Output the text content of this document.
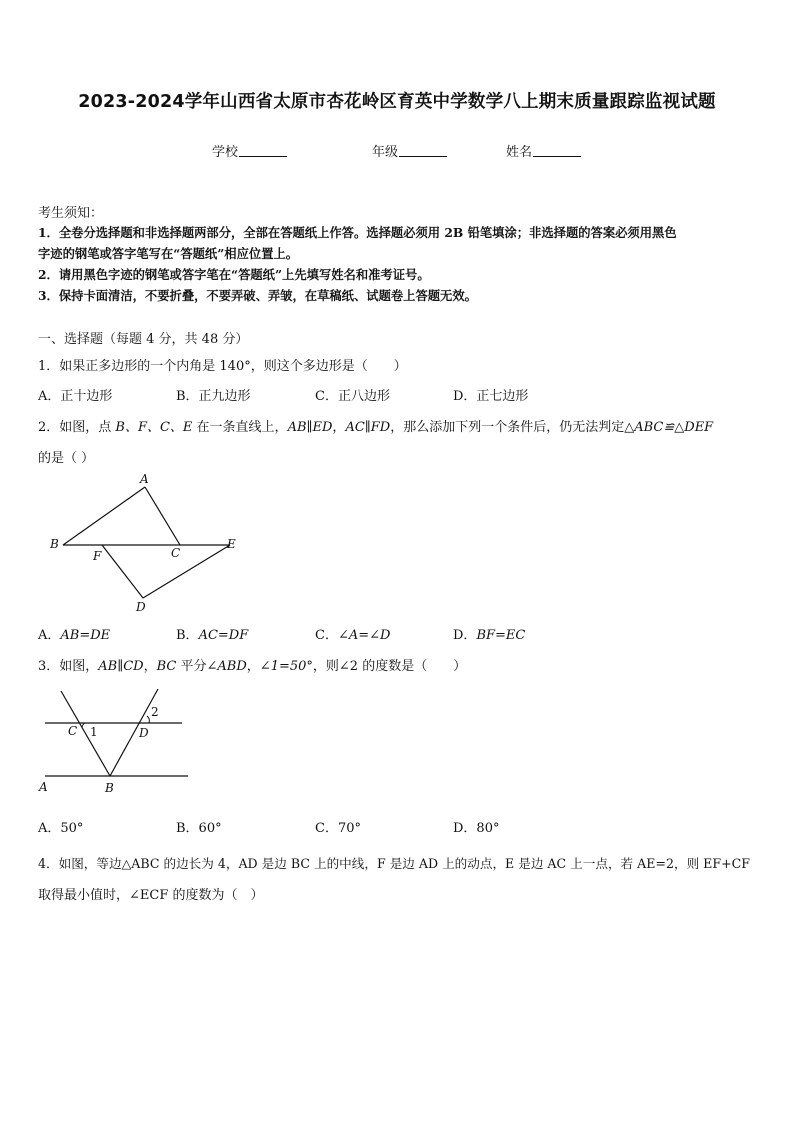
2023-2024学年山西省太原市杏花岭区育英中学数学八上期末质量跟踪监视试题
学校	年级	姓名
考生须知：
1．全卷分选择题和非选择题两部分，全部在答题纸上作答。选择题必须用 2B 铅笔填涂；非选择题的答案必须用黑色
字迹的钢笔或答字笔写在“答题纸”相应位置上。
2．请用黑色字迹的钢笔或答字笔在“答题纸”上先填写姓名和准考证号。
3．保持卡面清洁，不要折叠，不要弄破、弄皱，在草稿纸、试题卷上答题无效。
一、选择题（每题 4 分，共 48 分）
1．如果正多边形的一个内角是 140°，则这个多边形是（　　）
A．正十边形	B．正九边形	C．正八边形	D．正七边形
2．如图，点 B、F、C、E 在一条直线上，AB∥ED，AC∥FD，那么添加下列一个条件后，仍无法判定△ABC≌△DEF
的是（ ）
A
B
F	C
E
D
A．AB=DE	B．AC=DF	C．∠A=∠D	D．BF=EC
3．如图，AB∥CD，BC 平分∠ABD，∠1=50°，则∠2 的度数是（　　）
C 1	D
2
A	B
A．50°	B．60°	C．70°	D．80°
4．如图，等边△ABC 的边长为 4，AD 是边 BC 上的中线，F 是边 AD 上的动点，E 是边 AC 上一点，若 AE=2，则 EF+CF
取得最小值时，∠ECF 的度数为（　）
